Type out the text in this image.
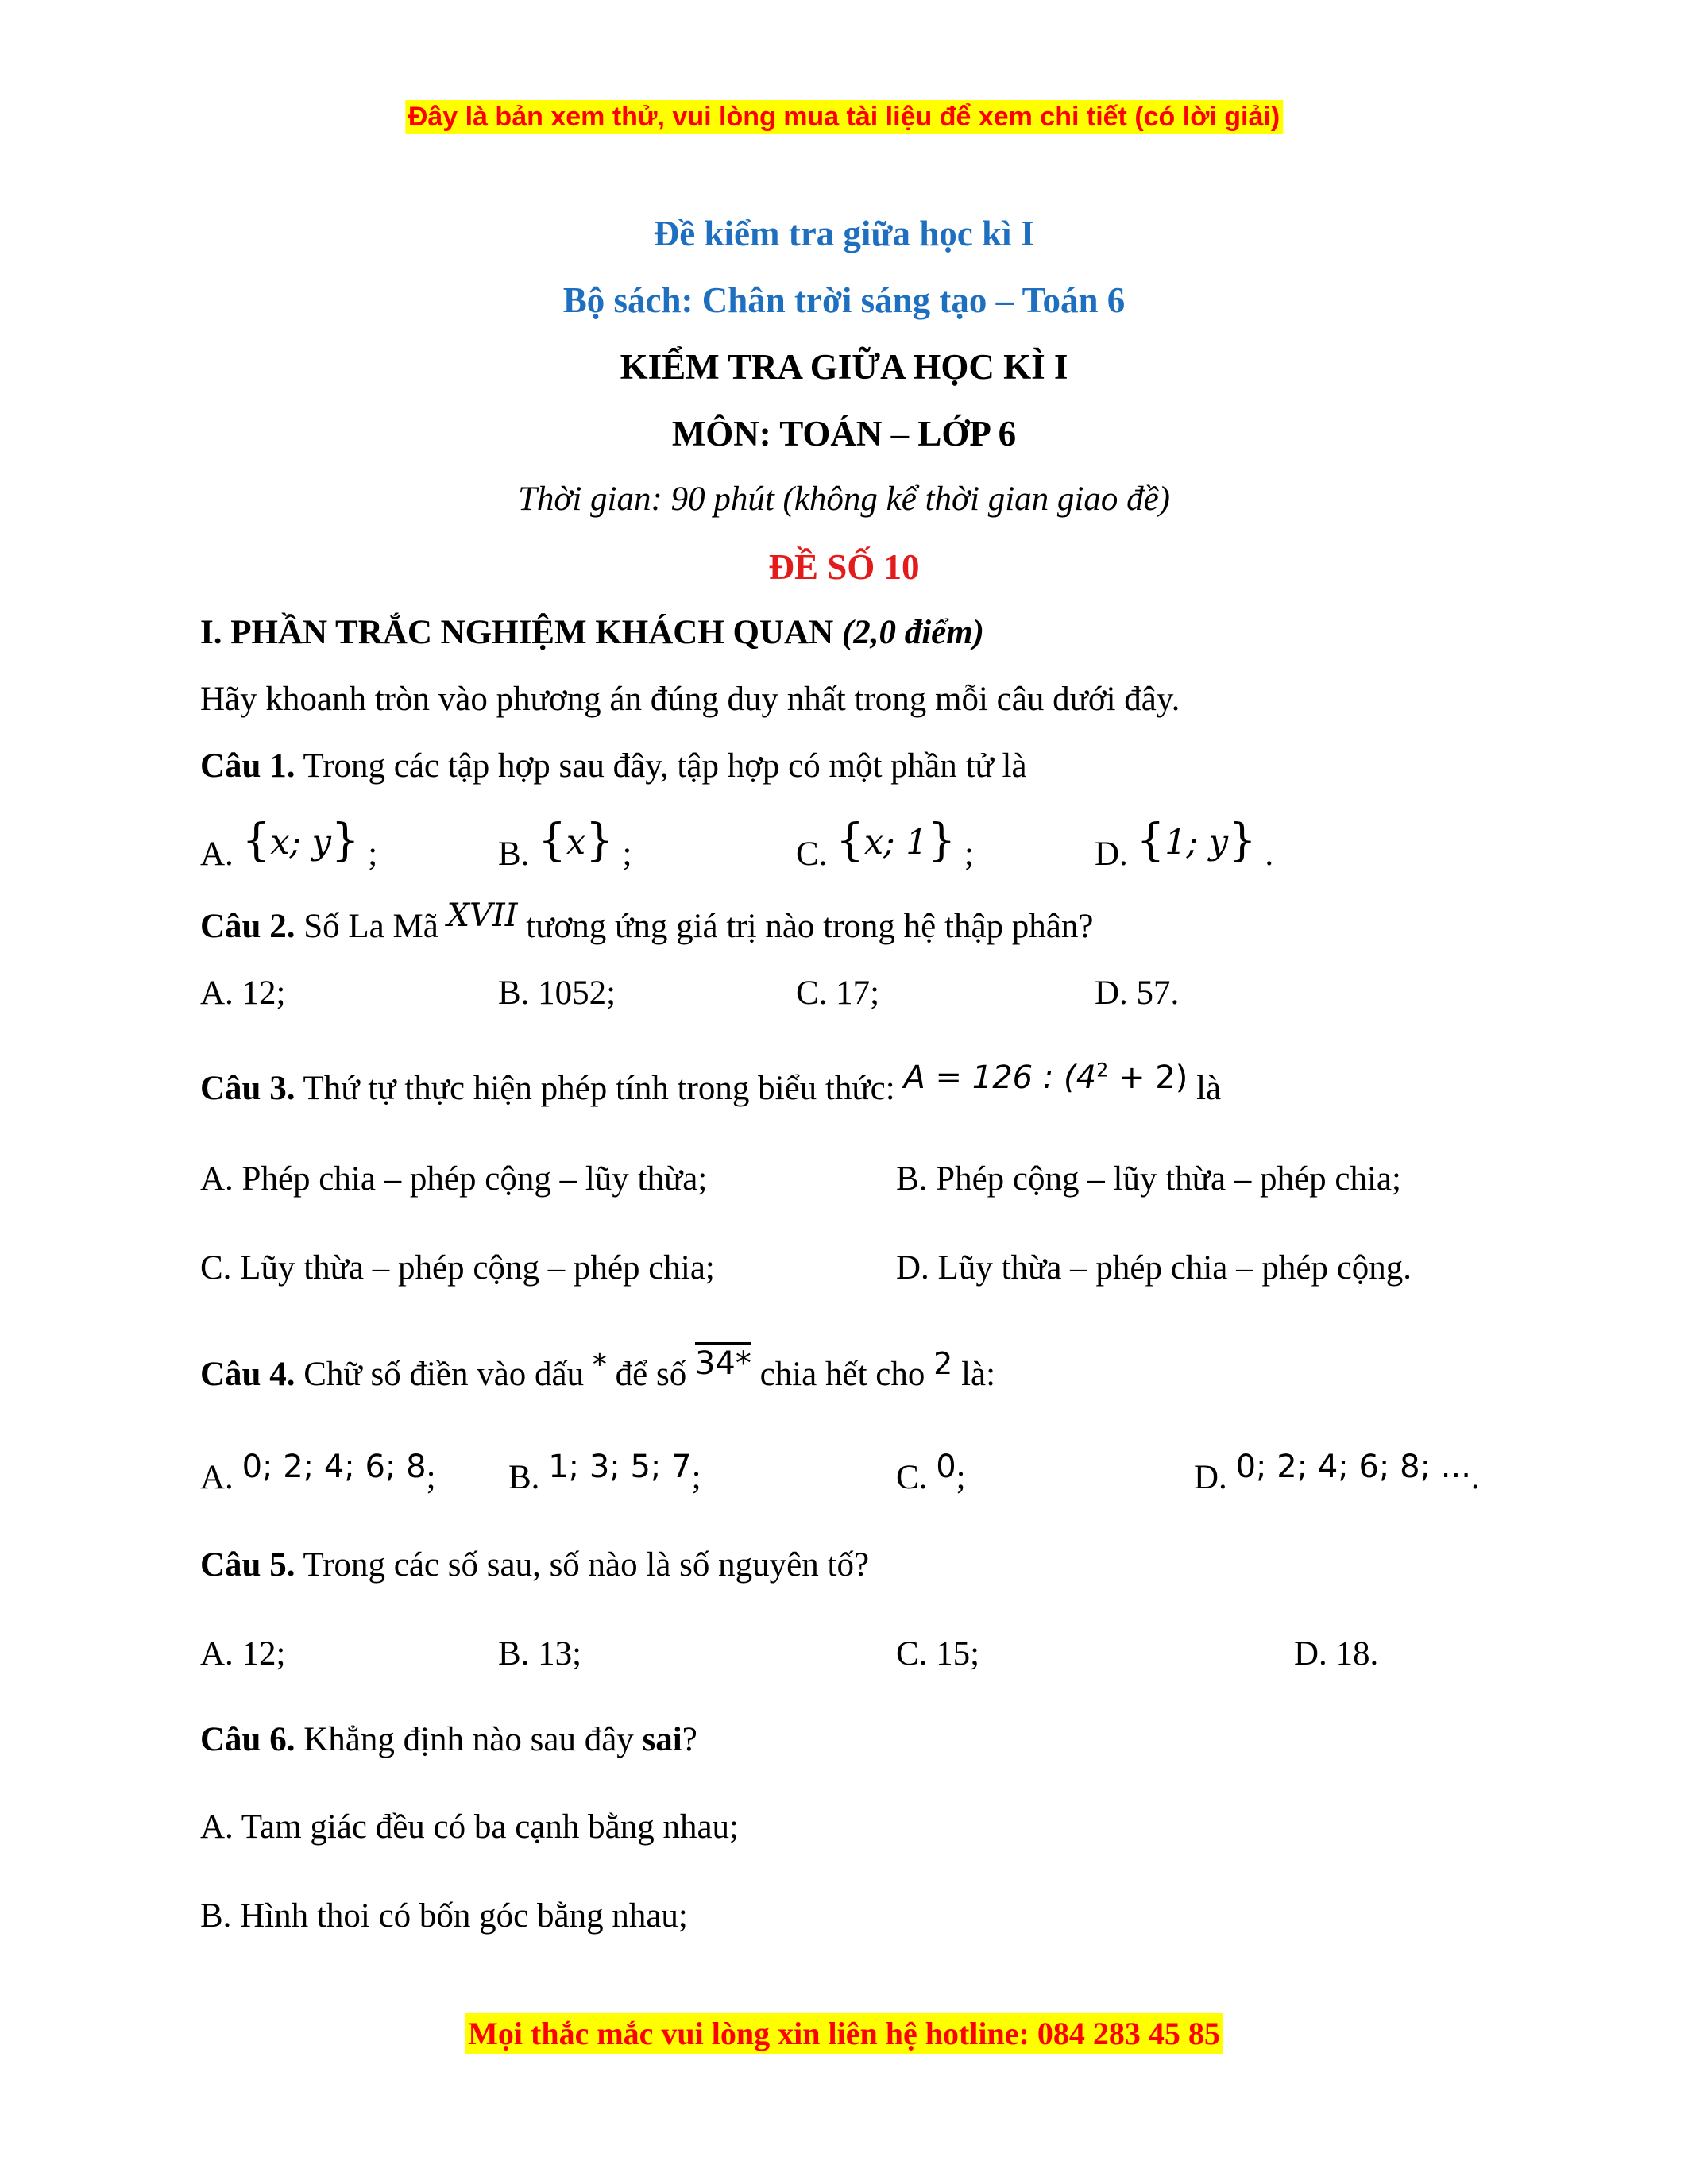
Đây là bản xem thử, vui lòng mua tài liệu để xem chi tiết (có lời giải)
Đề kiểm tra giữa học kì I
Bộ sách: Chân trời sáng tạo – Toán 6
KIỂM TRA GIỮA HỌC KÌ I
MÔN: TOÁN – LỚP 6
Thời gian: 90 phút (không kể thời gian giao đề)
ĐỀ SỐ 10
I. PHẦN TRẮC NGHIỆM KHÁCH QUAN (2,0 điểm)
Hãy khoanh tròn vào phương án đúng duy nhất trong mỗi câu dưới đây.
Câu 1. Trong các tập hợp sau đây, tập hợp có một phần tử là
A. {x; y} ;	B. {x} ;	C. {x; 1} ;	D. {1; y} .
Câu 2. Số La Mã XVII tương ứng giá trị nào trong hệ thập phân?
A. 12;	B. 1052;	C. 17;	D. 57.
Câu 3. Thứ tự thực hiện phép tính trong biểu thức: A = 126 : $(4^2 + 2)$ là
A. Phép chia – phép cộng – lũy thừa;	B. Phép cộng – lũy thừa – phép chia;
C. Lũy thừa – phép cộng – phép chia;	D. Lũy thừa – phép chia – phép cộng.
Câu 4. Chữ số điền vào dấu * để số 34* chia hết cho 2 là:
A. 0; 2; 4; 6; 8; B. 1; 3; 5; 7;	C. 0;	D. 0; 2; 4; 6; 8; ....
Câu 5. Trong các số sau, số nào là số nguyên tố?
A. 12;	B. 13;	C. 15;	D. 18.
Câu 6. Khẳng định nào sau đây sai?
A. Tam giác đều có ba cạnh bằng nhau;
B. Hình thoi có bốn góc bằng nhau;
Mọi thắc mắc vui lòng xin liên hệ hotline: 084 283 45 85
